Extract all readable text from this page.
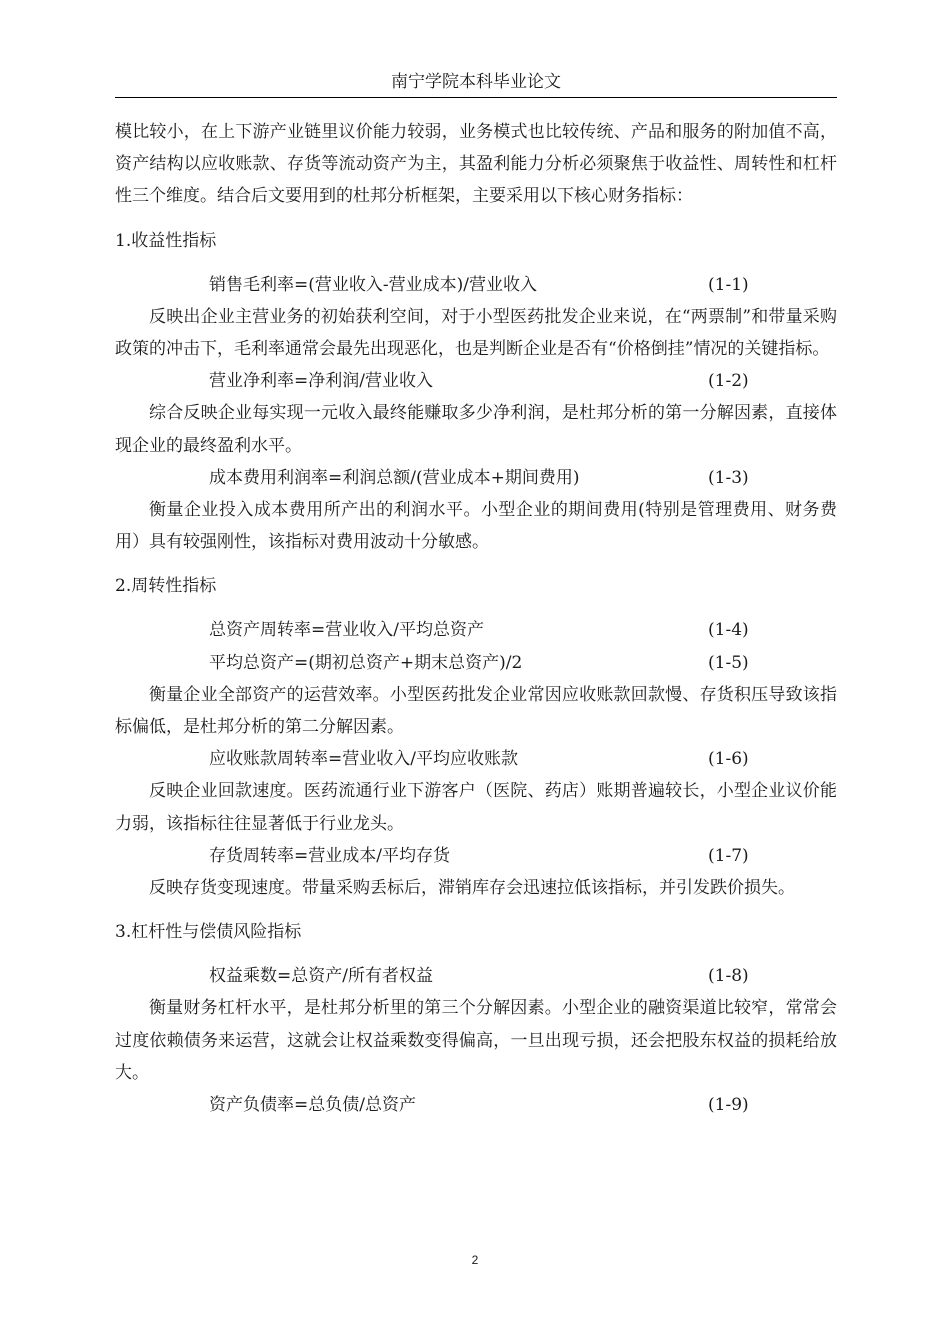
南宁学院本科毕业论文

模比较小，在上下游产业链里议价能力较弱，业务模式也比较传统、产品和服务的附加值不高，资产结构以应收账款、存货等流动资产为主，其盈利能力分析必须聚焦于收益性、周转性和杠杆性三个维度。结合后文要用到的杜邦分析框架，主要采用以下核心财务指标：

1.收益性指标

销售毛利率=(营业收入-营业成本)/营业收入	(1-1)

反映出企业主营业务的初始获利空间，对于小型医药批发企业来说，在“两票制”和带量采购政策的冲击下，毛利率通常会最先出现恶化，也是判断企业是否有“价格倒挂”情况的关键指标。

营业净利率=净利润/营业收入	(1-2)

综合反映企业每实现一元收入最终能赚取多少净利润，是杜邦分析的第一分解因素，直接体现企业的最终盈利水平。

成本费用利润率=利润总额/(营业成本+期间费用)	(1-3)

衡量企业投入成本费用所产出的利润水平。小型企业的期间费用(特别是管理费用、财务费用）具有较强刚性，该指标对费用波动十分敏感。

2.周转性指标

总资产周转率=营业收入/平均总资产	(1-4)
平均总资产=(期初总资产+期末总资产)/2	(1-5)

衡量企业全部资产的运营效率。小型医药批发企业常因应收账款回款慢、存货积压导致该指标偏低，是杜邦分析的第二分解因素。

应收账款周转率=营业收入/平均应收账款	(1-6)

反映企业回款速度。医药流通行业下游客户（医院、药店）账期普遍较长，小型企业议价能力弱，该指标往往显著低于行业龙头。

存货周转率=营业成本/平均存货	(1-7)

反映存货变现速度。带量采购丢标后，滞销库存会迅速拉低该指标，并引发跌价损失。

3.杠杆性与偿债风险指标

权益乘数=总资产/所有者权益	(1-8)

衡量财务杠杆水平，是杜邦分析里的第三个分解因素。小型企业的融资渠道比较窄，常常会过度依赖债务来运营，这就会让权益乘数变得偏高，一旦出现亏损，还会把股东权益的损耗给放大。

资产负债率=总负债/总资产	(1-9)
2
